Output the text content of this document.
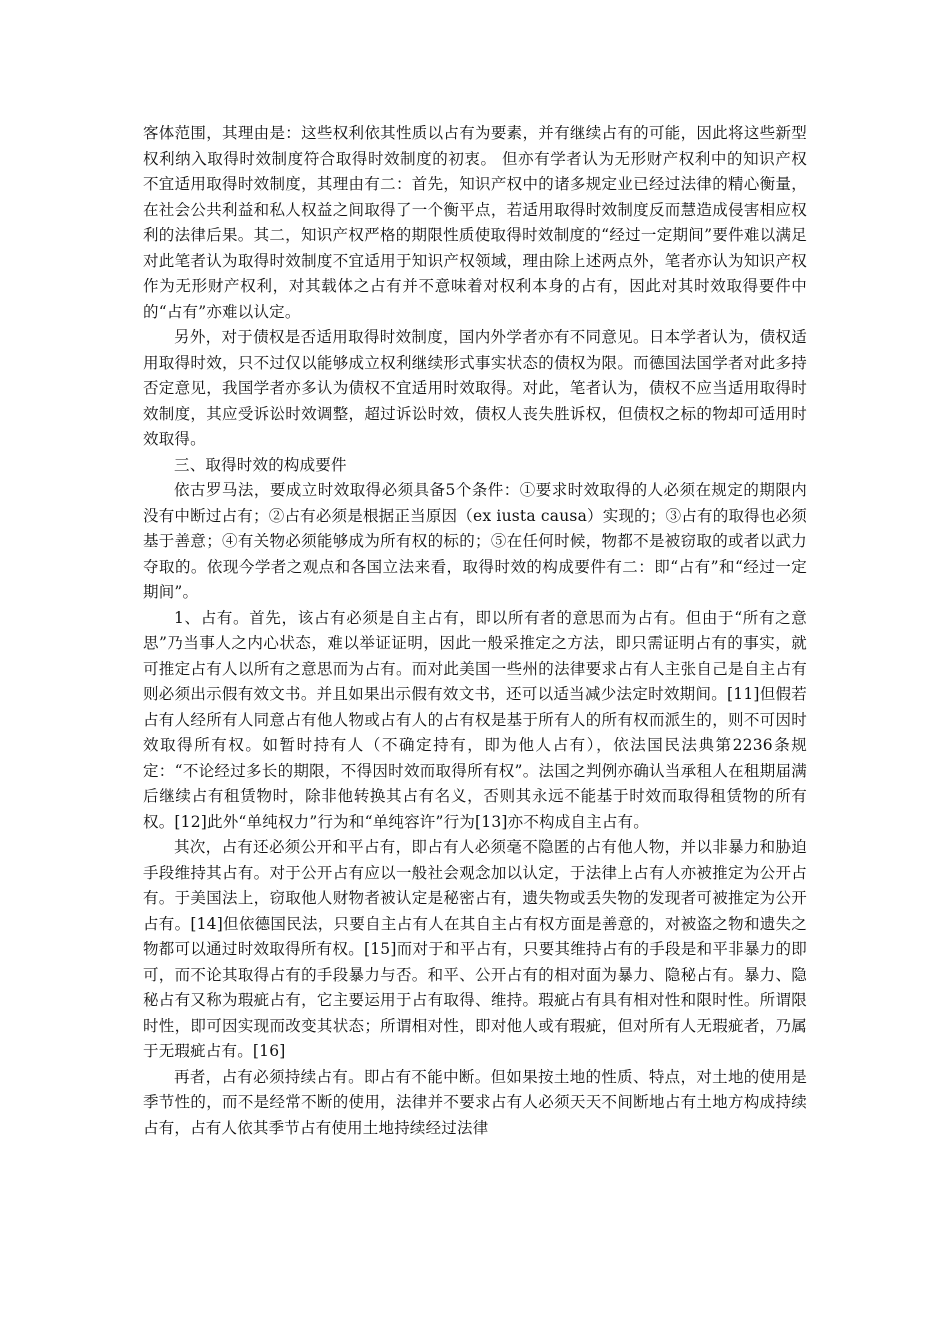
客体范围，其理由是：这些权利依其性质以占有为要素，并有继续占有的可能，因此将这些新型权利纳入取得时效制度符合取得时效制度的初衷。 但亦有学者认为无形财产权利中的知识产权不宜适用取得时效制度，其理由有二：首先，知识产权中的诸多规定业已经过法律的精心衡量，在社会公共利益和私人权益之间取得了一个衡平点，若适用取得时效制度反而慧造成侵害相应权利的法律后果。其二，知识产权严格的期限性质使取得时效制度的“经过一定期间”要件难以满足对此笔者认为取得时效制度不宜适用于知识产权领域，理由除上述两点外，笔者亦认为知识产权作为无形财产权利，对其载体之占有并不意味着对权利本身的占有，因此对其时效取得要件中的“占有”亦难以认定。

另外，对于债权是否适用取得时效制度，国内外学者亦有不同意见。日本学者认为，债权适用取得时效，只不过仅以能够成立权利继续形式事实状态的债权为限。而德国法国学者对此多持否定意见，我国学者亦多认为债权不宜适用时效取得。对此，笔者认为，债权不应当适用取得时效制度，其应受诉讼时效调整，超过诉讼时效，债权人丧失胜诉权，但债权之标的物却可适用时效取得。

三、取得时效的构成要件

依古罗马法，要成立时效取得必须具备5个条件：①要求时效取得的人必须在规定的期限内没有中断过占有；②占有必须是根据正当原因（ex iusta causa）实现的；③占有的取得也必须基于善意；④有关物必须能够成为所有权的标的；⑤在任何时候，物都不是被窃取的或者以武力夺取的。依现今学者之观点和各国立法来看，取得时效的构成要件有二：即“占有”和“经过一定期间”。

1、占有。首先，该占有必须是自主占有，即以所有者的意思而为占有。但由于“所有之意思”乃当事人之内心状态，难以举证证明，因此一般采推定之方法，即只需证明占有的事实，就可推定占有人以所有之意思而为占有。而对此美国一些州的法律要求占有人主张自己是自主占有则必须出示假有效文书。并且如果出示假有效文书，还可以适当减少法定时效期间。[11]但假若占有人经所有人同意占有他人物或占有人的占有权是基于所有人的所有权而派生的，则不可因时效取得所有权。如暂时持有人（不确定持有，即为他人占有），依法国民法典第2236条规定：“不论经过多长的期限，不得因时效而取得所有权”。法国之判例亦确认当承租人在租期届满后继续占有租赁物时，除非他转换其占有名义，否则其永远不能基于时效而取得租赁物的所有权。[12]此外“单纯权力”行为和“单纯容许”行为[13]亦不构成自主占有。

其次，占有还必须公开和平占有，即占有人必须毫不隐匿的占有他人物，并以非暴力和胁迫手段维持其占有。对于公开占有应以一般社会观念加以认定，于法律上占有人亦被推定为公开占有。于美国法上，窃取他人财物者被认定是秘密占有，遗失物或丢失物的发现者可被推定为公开占有。[14]但依德国民法，只要自主占有人在其自主占有权方面是善意的，对被盗之物和遗失之物都可以通过时效取得所有权。[15]而对于和平占有，只要其维持占有的手段是和平非暴力的即可，而不论其取得占有的手段暴力与否。和平、公开占有的相对面为暴力、隐秘占有。暴力、隐秘占有又称为瑕疵占有，它主要运用于占有取得、维持。瑕疵占有具有相对性和限时性。所谓限时性，即可因实现而改变其状态；所谓相对性，即对他人或有瑕疵，但对所有人无瑕疵者，乃属于无瑕疵占有。[16]

再者，占有必须持续占有。即占有不能中断。但如果按土地的性质、特点，对土地的使用是季节性的，而不是经常不断的使用，法律并不要求占有人必须天天不间断地占有土地方构成持续占有，占有人依其季节占有使用土地持续经过法律
